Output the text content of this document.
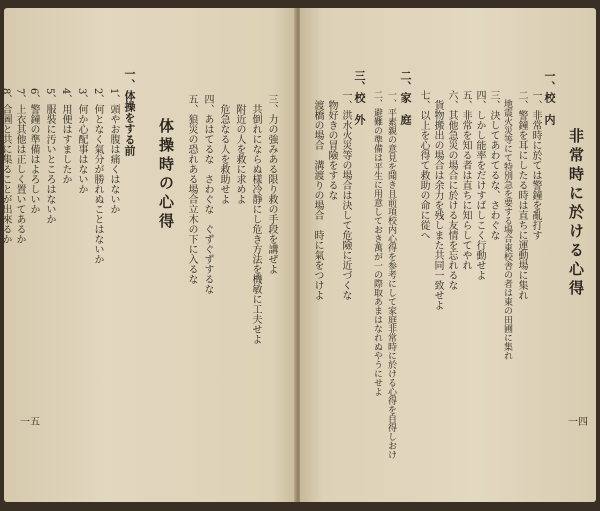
三、力の強みある限り救の手段を講ぜよ
　共倒れにならぬ樣冷靜にし危き方法を機敏に工夫せよ
　附近の人を救に求めよ
　危急なる人を救助せよ
四、あはてるな　さわぐな　ぐずぐずするな
五、狼災の恐れある場合立木の下に入るな
体操時の心得
一、体操をする前
1、頭やお腹は痛くはないか
2、何となく氣分が勝れぬことはないか
3、何か心配事はないか
4、用便はすましたか
5、服裝に汚いところはないか
6、警鐘の準備はよろしいか
7、上衣其他は正しく置いてあるか
8、合圖と共に集ることが出來るか
一五
非常時に於ける心得
一、校　内
一、非常時に於ては警鐘を亂打す
二、警鐘を耳にしたる時は直ちに運動場に集れ
　地震火災等にて特別急を要する場合東校舎の者は東の田圃に集れ
三、決してあわてるな、さわぐな
四、しかし能率をだけすばしこく行動せよ
五、非常を知る者は直ちに知らしてやれ
六、其他急災の場合に於ける友情を忘れるな
　貨物搬出の場合は余力を残しまた共同一致せよ
七、以上を心得て救助の命に從へ
二、家　庭
一、平素親の意見を聞き且前項校内心得を参考にして家庭非常時に於ける心得を自得しおけ
二、避難の準備は平生に用意しておき萬が一の際取あまはなれぬやうにせよ
三、校　外
一、洪水火災等の場合は決して危險に近づくな
　物好きの冒險をするな
　渡橋の場合　溝渡りの場合　時に氣をつけよ
一四
